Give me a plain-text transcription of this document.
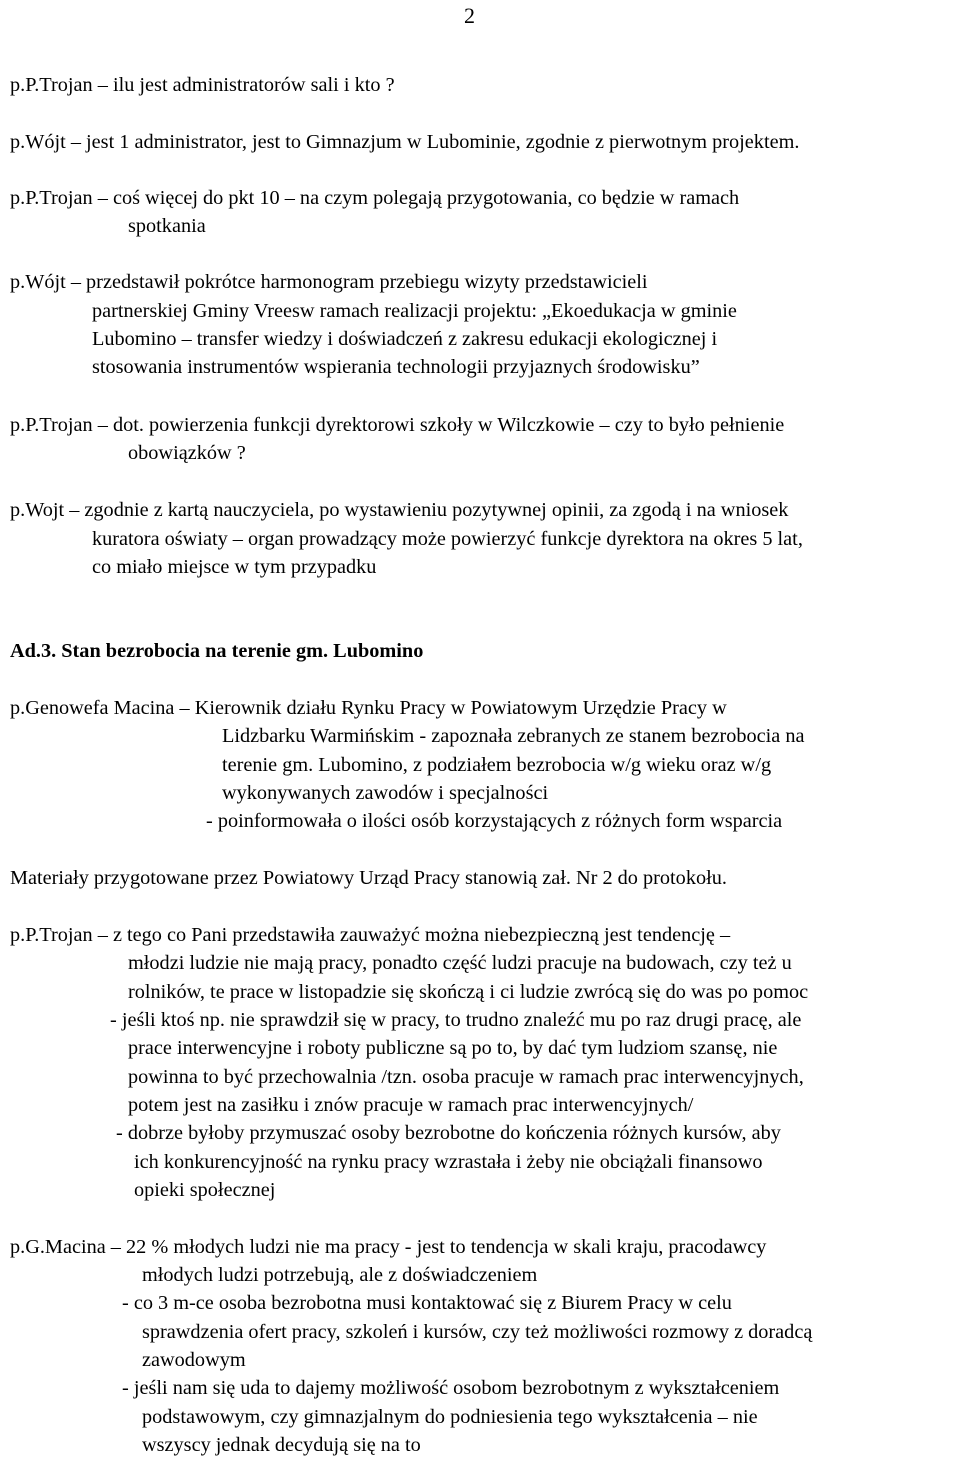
2
p.P.Trojan – ilu jest administratorów sali i kto ?
p.Wójt – jest 1 administrator, jest to Gimnazjum w Lubominie, zgodnie z pierwotnym projektem.
p.P.Trojan – coś więcej do pkt 10 – na czym polegają przygotowania, co będzie w ramach
spotkania
p.Wójt – przedstawił pokrótce harmonogram przebiegu wizyty przedstawicieli
partnerskiej Gminy Vreesw ramach realizacji projektu: „Ekoedukacja w gminie
Lubomino – transfer wiedzy i doświadczeń z zakresu edukacji ekologicznej i
stosowania instrumentów wspierania technologii przyjaznych środowisku”
p.P.Trojan – dot. powierzenia funkcji dyrektorowi szkoły w Wilczkowie – czy to było pełnienie
obowiązków ?
p.Wojt – zgodnie z kartą nauczyciela, po wystawieniu pozytywnej opinii, za zgodą i na wniosek
kuratora oświaty – organ prowadzący może powierzyć funkcje dyrektora na okres 5 lat,
co miało miejsce w tym przypadku
Ad.3. Stan bezrobocia na terenie gm. Lubomino
p.Genowefa Macina – Kierownik działu Rynku Pracy w Powiatowym Urzędzie Pracy w
Lidzbarku Warmińskim - zapoznała zebranych ze stanem bezrobocia na
terenie gm. Lubomino, z podziałem bezrobocia w/g wieku oraz w/g
wykonywanych zawodów i specjalności
- poinformowała o ilości osób korzystających z różnych form wsparcia
Materiały przygotowane przez Powiatowy Urząd Pracy stanowią zał. Nr 2 do protokołu.
p.P.Trojan – z tego co Pani przedstawiła zauważyć można niebezpieczną jest tendencję –
młodzi ludzie nie mają pracy, ponadto część ludzi pracuje na budowach, czy też u
rolników, te prace w listopadzie się skończą i ci ludzie zwrócą się do was po pomoc
- jeśli ktoś np. nie sprawdził się w pracy, to trudno znaleźć mu po raz drugi pracę, ale
prace interwencyjne i roboty publiczne są po to, by dać tym ludziom szansę, nie
powinna to być przechowalnia /tzn. osoba pracuje w ramach prac interwencyjnych,
potem jest na zasiłku i znów pracuje w ramach prac interwencyjnych/
- dobrze byłoby przymuszać osoby bezrobotne do kończenia różnych kursów, aby
ich konkurencyjność na rynku pracy wzrastała i żeby nie obciążali finansowo
opieki społecznej
p.G.Macina – 22 % młodych ludzi nie ma pracy - jest to tendencja w skali kraju, pracodawcy
młodych ludzi potrzebują, ale z doświadczeniem
- co 3 m-ce osoba bezrobotna musi kontaktować się z Biurem Pracy w celu
sprawdzenia ofert pracy, szkoleń i kursów, czy też możliwości rozmowy z doradcą
zawodowym
- jeśli nam się uda to dajemy możliwość osobom bezrobotnym z wykształceniem
podstawowym, czy gimnazjalnym do podniesienia tego wykształcenia – nie
wszyscy jednak decydują się na to
